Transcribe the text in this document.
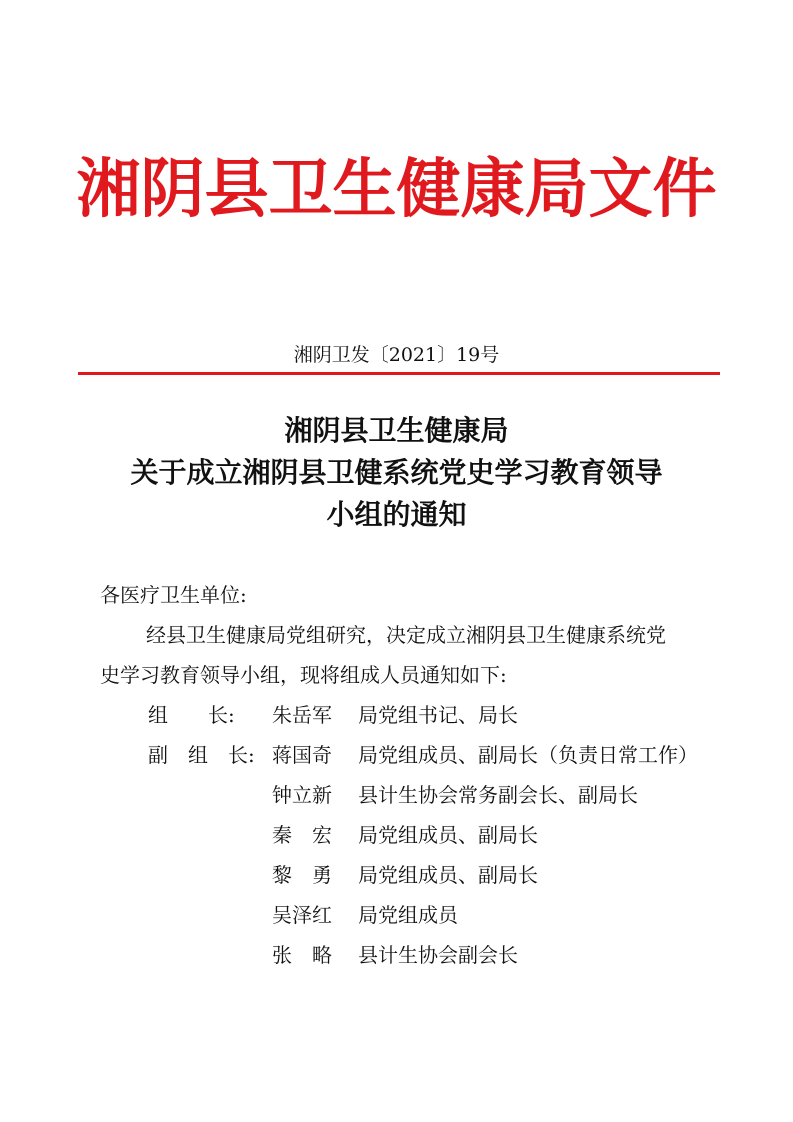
湘阴县卫生健康局文件
湘阴卫发〔2021〕19号
湘阴县卫生健康局
关于成立湘阴县卫健系统党史学习教育领导
小组的通知
各医疗卫生单位:
经县卫生健康局党组研究，决定成立湘阴县卫生健康系统党
史学习教育领导小组，现将组成人员通知如下:
组　　长: 朱岳军 局党组书记、局长
副　组　长: 蒋国奇 局党组成员、副局长（负责日常工作）
钟立新 县计生协会常务副会长、副局长
秦　宏 局党组成员、副局长
黎　勇 局党组成员、副局长
吴泽红 局党组成员
张　略 县计生协会副会长
